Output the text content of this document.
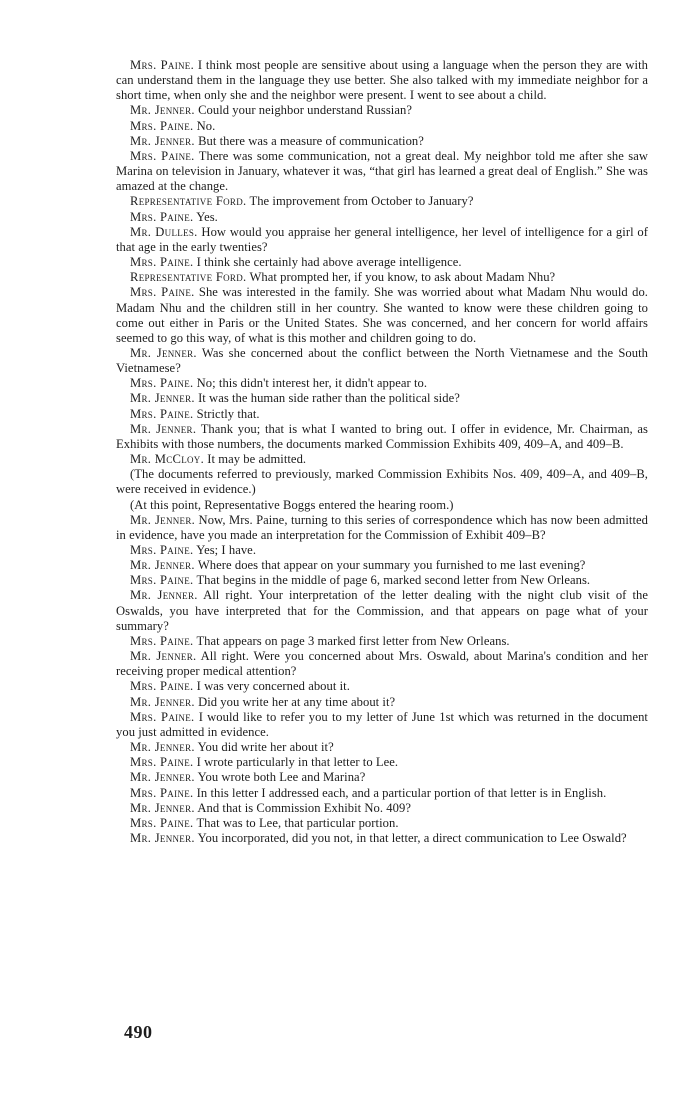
Mrs. Paine. I think most people are sensitive about using a language when the person they are with can understand them in the language they use better. She also talked with my immediate neighbor for a short time, when only she and the neighbor were present. I went to see about a child.

Mr. Jenner. Could your neighbor understand Russian?

Mrs. Paine. No.

Mr. Jenner. But there was a measure of communication?

Mrs. Paine. There was some communication, not a great deal. My neighbor told me after she saw Marina on television in January, whatever it was, “that girl has learned a great deal of English.” She was amazed at the change.

Representative Ford. The improvement from October to January?

Mrs. Paine. Yes.

Mr. Dulles. How would you appraise her general intelligence, her level of intelligence for a girl of that age in the early twenties?

Mrs. Paine. I think she certainly had above average intelligence.

Representative Ford. What prompted her, if you know, to ask about Madam Nhu?

Mrs. Paine. She was interested in the family. She was worried about what Madam Nhu would do. Madam Nhu and the children still in her country. She wanted to know were these children going to come out either in Paris or the United States. She was concerned, and her concern for world affairs seemed to go this way, of what is this mother and children going to do.

Mr. Jenner. Was she concerned about the conflict between the North Vietnamese and the South Vietnamese?

Mrs. Paine. No; this didn't interest her, it didn't appear to.

Mr. Jenner. It was the human side rather than the political side?

Mrs. Paine. Strictly that.

Mr. Jenner. Thank you; that is what I wanted to bring out. I offer in evidence, Mr. Chairman, as Exhibits with those numbers, the documents marked Commission Exhibits 409, 409–A, and 409–B.

Mr. McCloy. It may be admitted.

(The documents referred to previously, marked Commission Exhibits Nos. 409, 409–A, and 409–B, were received in evidence.)

(At this point, Representative Boggs entered the hearing room.)

Mr. Jenner. Now, Mrs. Paine, turning to this series of correspondence which has now been admitted in evidence, have you made an interpretation for the Commission of Exhibit 409–B?

Mrs. Paine. Yes; I have.

Mr. Jenner. Where does that appear on your summary you furnished to me last evening?

Mrs. Paine. That begins in the middle of page 6, marked second letter from New Orleans.

Mr. Jenner. All right. Your interpretation of the letter dealing with the night club visit of the Oswalds, you have interpreted that for the Commission, and that appears on page what of your summary?

Mrs. Paine. That appears on page 3 marked first letter from New Orleans.

Mr. Jenner. All right. Were you concerned about Mrs. Oswald, about Marina's condition and her receiving proper medical attention?

Mrs. Paine. I was very concerned about it.

Mr. Jenner. Did you write her at any time about it?

Mrs. Paine. I would like to refer you to my letter of June 1st which was returned in the document you just admitted in evidence.

Mr. Jenner. You did write her about it?

Mrs. Paine. I wrote particularly in that letter to Lee.

Mr. Jenner. You wrote both Lee and Marina?

Mrs. Paine. In this letter I addressed each, and a particular portion of that letter is in English.

Mr. Jenner. And that is Commission Exhibit No. 409?

Mrs. Paine. That was to Lee, that particular portion.

Mr. Jenner. You incorporated, did you not, in that letter, a direct communication to Lee Oswald?

490
